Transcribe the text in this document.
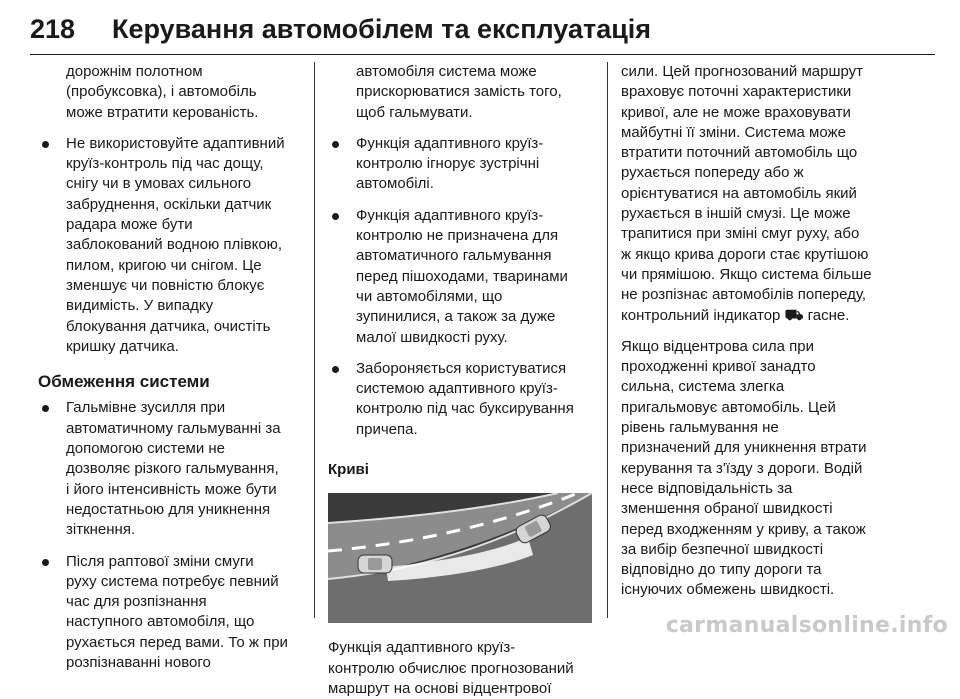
218	Керування автомобілем та експлуатація

дорожнім полотном

(пробуксовка), і автомобіль

може втратити керованість.

Не використовуйте адаптивний

круїз-контроль під час дощу,

снігу чи в умовах сильного

забруднення, оскільки датчик

радара може бути

заблокований водною плівкою,

пилом, кригою чи снігом. Це

зменшує чи повністю блокує

видимість. У випадку

блокування датчика, очистіть

кришку датчика.

Обмеження системи

Гальмівне зусилля при

автоматичному гальмуванні за

допомогою системи не

дозволяє різкого гальмування,

і його інтенсивність може бути

недостатньою для уникнення

зіткнення.

Після раптової зміни смуги

руху система потребує певний

час для розпізнання

наступного автомобіля, що

рухається перед вами. То ж при

розпізнаванні нового

автомобіля система може

прискорюватися замість того,

щоб гальмувати.

Функція адаптивного круїз-

контролю ігнорує зустрічні

автомобілі.

Функція адаптивного круїз-

контролю не призначена для

автоматичного гальмування

перед пішоходами, тваринами

чи автомобілями, що

зупинилися, а також за дуже

малої швидкості руху.

Забороняється користуватися

системою адаптивного круїз-

контролю під час буксирування

причепа.

Криві

Функція адаптивного круїз-

контролю обчислює прогнозований

маршрут на основі відцентрової

сили. Цей прогнозований маршрут

враховує поточні характеристики

кривої, але не може враховувати

майбутні її зміни. Система може

втратити поточний автомобіль що

рухається попереду або ж

орієнтуватися на автомобіль який

рухається в іншій смузі. Це може

трапитися при зміні смуг руху, або

ж якщо крива дороги стає крутішою

чи прямішою. Якщо система більше

не розпізнає автомобілів попереду,

контрольний індикатор ⛟ гасне.

Якщо відцентрова сила при

проходженні кривої занадто

сильна, система злегка

пригальмовує автомобіль. Цей

рівень гальмування не

призначений для уникнення втрати

керування та з'їзду з дороги. Водій

несе відповідальність за

зменшення обраної швидкості

перед входженням у криву, а також

за вибір безпечної швидкості

відповідно до типу дороги та

існуючих обмежень швидкості.

carmanualsonline.info
